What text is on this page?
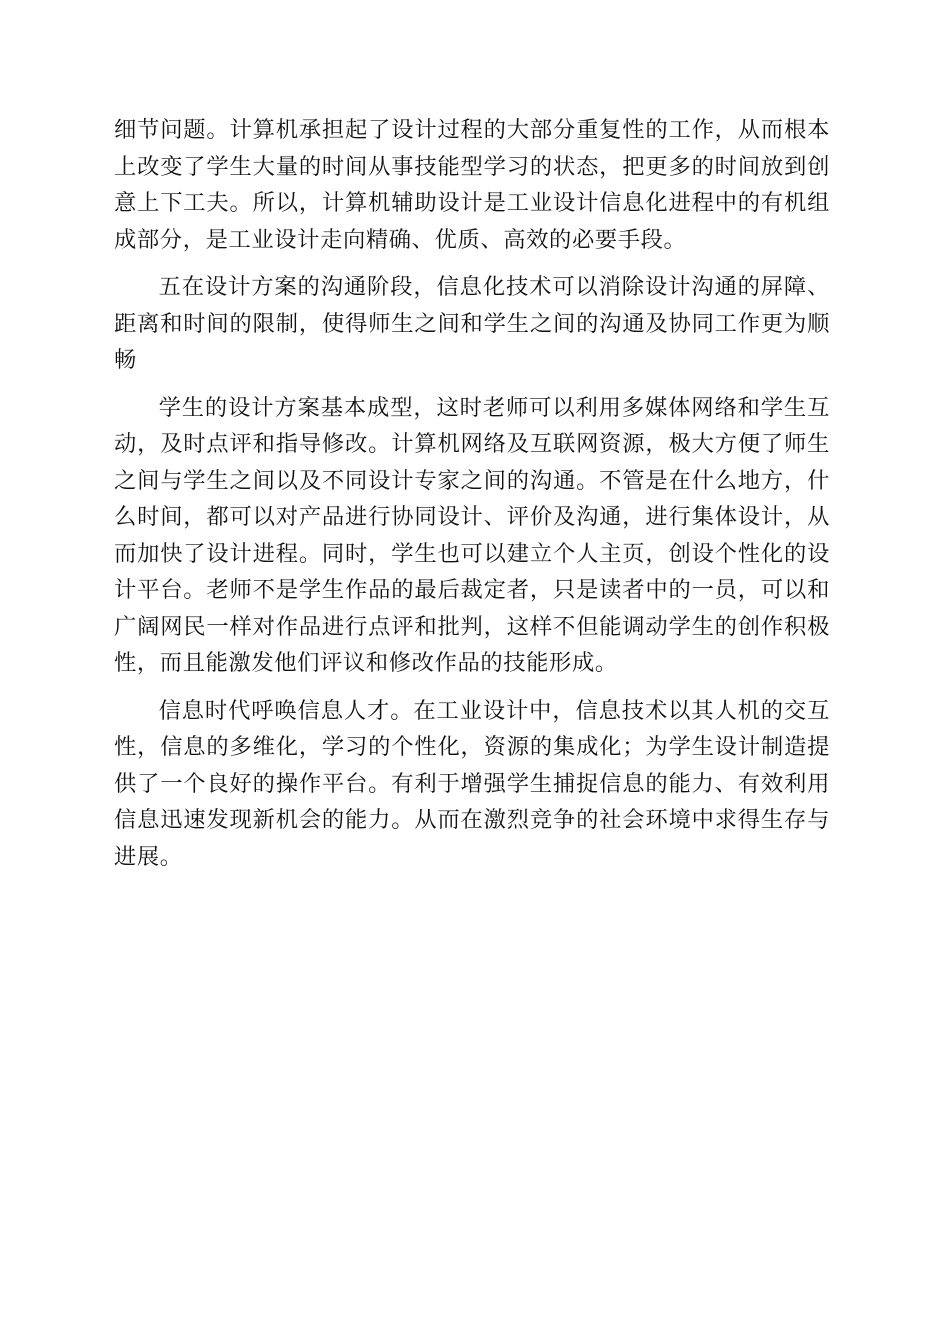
细节问题。计算机承担起了设计过程的大部分重复性的工作，从而根本上改变了学生大量的时间从事技能型学习的状态，把更多的时间放到创意上下工夫。所以，计算机辅助设计是工业设计信息化进程中的有机组成部分，是工业设计走向精确、优质、高效的必要手段。

五在设计方案的沟通阶段，信息化技术可以消除设计沟通的屏障、距离和时间的限制，使得师生之间和学生之间的沟通及协同工作更为顺畅

学生的设计方案基本成型，这时老师可以利用多媒体网络和学生互动，及时点评和指导修改。计算机网络及互联网资源，极大方便了师生之间与学生之间以及不同设计专家之间的沟通。不管是在什么地方，什么时间，都可以对产品进行协同设计、评价及沟通，进行集体设计，从而加快了设计进程。同时，学生也可以建立个人主页，创设个性化的设计平台。老师不是学生作品的最后裁定者，只是读者中的一员，可以和广阔网民一样对作品进行点评和批判，这样不但能调动学生的创作积极性，而且能激发他们评议和修改作品的技能形成。

信息时代呼唤信息人才。在工业设计中，信息技术以其人机的交互性，信息的多维化，学习的个性化，资源的集成化；为学生设计制造提供了一个良好的操作平台。有利于增强学生捕捉信息的能力、有效利用信息迅速发现新机会的能力。从而在激烈竞争的社会环境中求得生存与进展。
